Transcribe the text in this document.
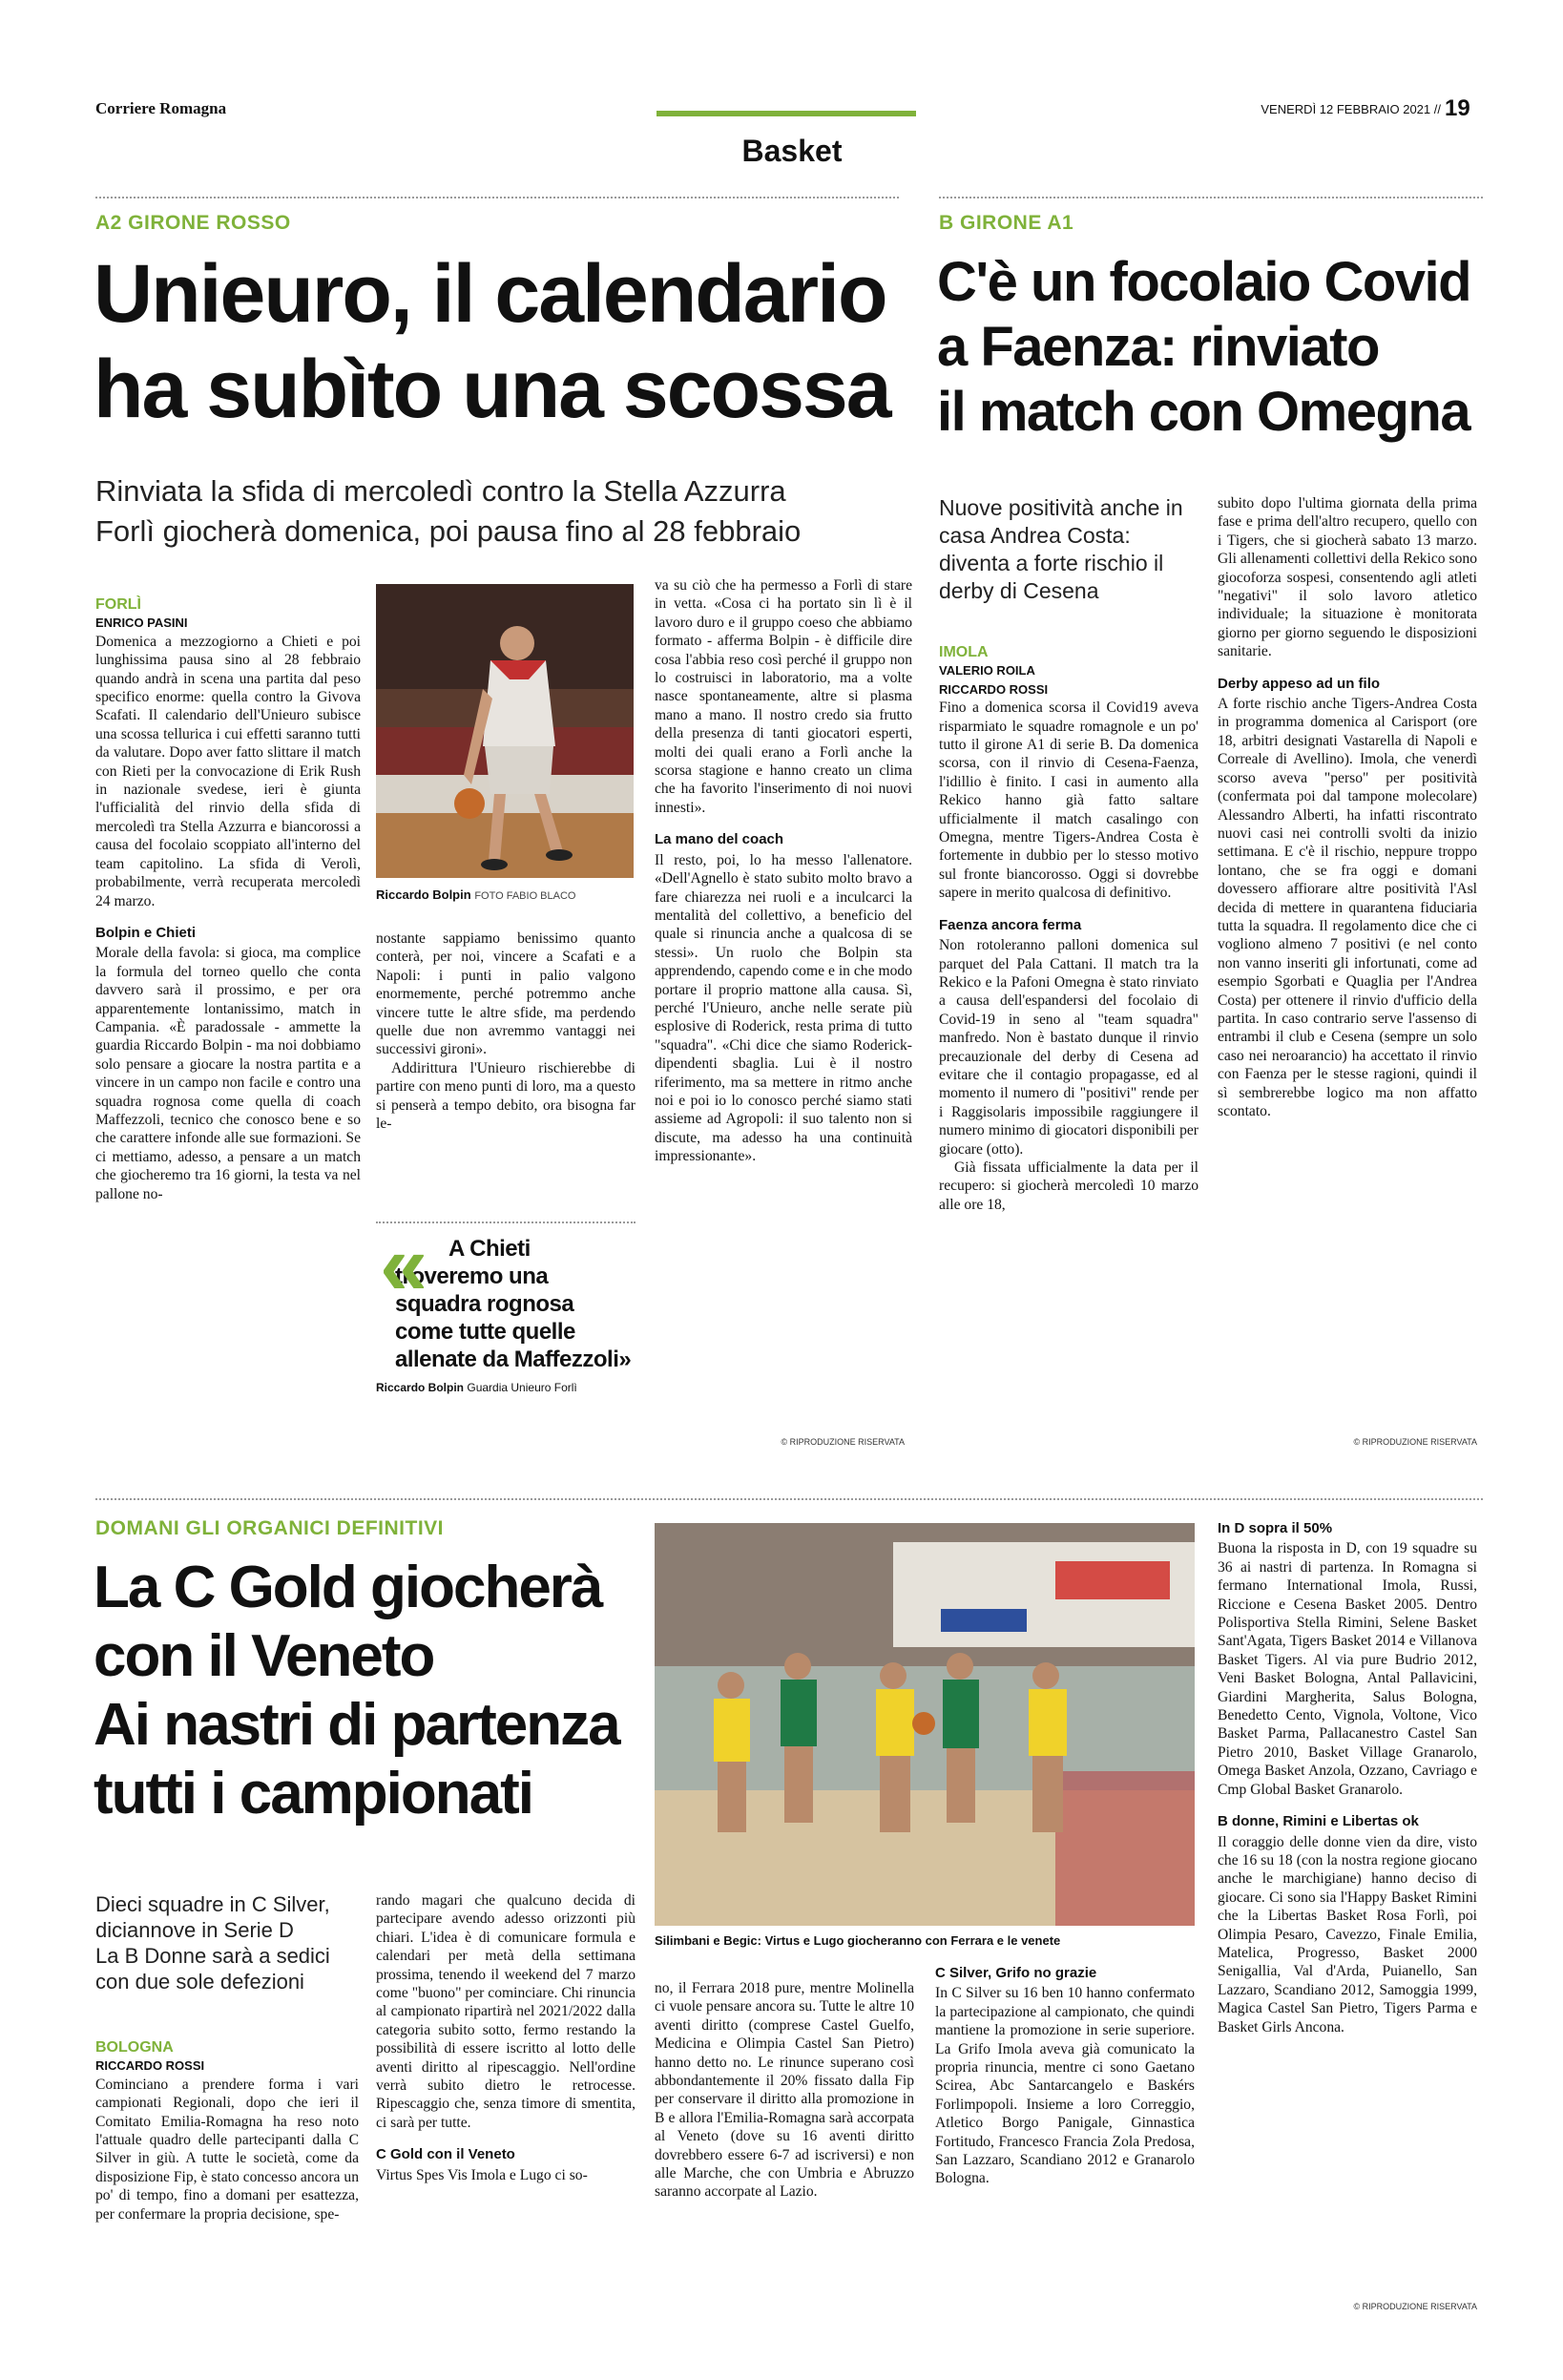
Corriere Romagna	VENERDÌ 12 FEBBRAIO 2021 // 19
Basket
A2 GIRONE ROSSO
Unieuro, il calendario
ha subìto una scossa
Rinviata la sfida di mercoledì contro la Stella Azzurra
Forlì giocherà domenica, poi pausa fino al 28 febbraio
FORLÌ
ENRICO PASINI

Domenica a mezzogiorno a Chieti e poi lunghissima pausa sino al 28 febbraio quando andrà in scena una partita dal peso specifico enorme: quella contro la Givova Scafati. Il calendario dell'Unieuro subisce una scossa tellurica i cui effetti saranno tutti da valutare. Dopo aver fatto slittare il match con Rieti per la convocazione di Erik Rush in nazionale svedese, ieri è giunta l'ufficialità del rinvio della sfida di mercoledì tra Stella Azzurra e biancorossi a causa del focolaio scoppiato all'interno del team capitolino. La sfida di Verolì, probabilmente, verrà recuperata mercoledì 24 marzo.

Bolpin e Chieti

Morale della favola: si gioca, ma complice la formula del torneo quello che conta davvero sarà il prossimo, e per ora apparentemente lontanissimo, match in Campania. «È paradossale - ammette la guardia Riccardo Bolpin - ma noi dobbiamo solo pensare a giocare la nostra partita e a vincere in un campo non facile e contro una squadra rognosa come quella di coach Maffezzoli, tecnico che conosco bene e so che carattere infonde alle sue formazioni. Se ci mettiamo, adesso, a pensare a un match che giocheremo tra 16 giorni, la testa va nel pallone no-

Riccardo Bolpin FOTO FABIO BLACO

nostante sappiamo benissimo quanto conterà, per noi, vincere a Scafati e a Napoli: i punti in palio valgono enormemente, perché potremmo anche vincere tutte le altre sfide, ma perdendo quelle due non avremmo vantaggi nei successivi gironi».

Addirittura l'Unieuro rischierebbe di partire con meno punti di loro, ma a questo si penserà a tempo debito, ora bisogna far le-

« A Chieti troveremo una squadra rognosa come tutte quelle allenate da Maffezzoli»
Riccardo Bolpin Guardia Unieuro Forlì

va su ciò che ha permesso a Forlì di stare in vetta. «Cosa ci ha portato sin lì è il lavoro duro e il gruppo coeso che abbiamo formato - afferma Bolpin - è difficile dire cosa l'abbia reso così perché il gruppo non lo costruisci in laboratorio, ma a volte nasce spontaneamente, altre si plasma mano a mano. Il nostro credo sia frutto della presenza di tanti giocatori esperti, molti dei quali erano a Forlì anche la scorsa stagione e hanno creato un clima che ha favorito l'inserimento di noi nuovi innesti».

La mano del coach

Il resto, poi, lo ha messo l'allenatore. «Dell'Agnello è stato subito molto bravo a fare chiarezza nei ruoli e a inculcarci la mentalità del collettivo, a beneficio del quale si rinuncia anche a qualcosa di se stessi». Un ruolo che Bolpin sta apprendendo, capendo come e in che modo portare il proprio mattone alla causa. Sì, perché l'Unieuro, anche nelle serate più esplosive di Roderick, resta prima di tutto "squadra". «Chi dice che siamo Roderick-dipendenti sbaglia. Lui è il nostro riferimento, ma sa mettere in ritmo anche noi e poi io lo conosco perché siamo stati assieme ad Agropoli: il suo talento non si discute, ma adesso ha una continuità impressionante».

© RIPRODUZIONE RISERVATA
B GIRONE A1
C'è un focolaio Covid
a Faenza: rinviato
il match con Omegna
Nuove positività anche in casa Andrea Costa: diventa a forte rischio il derby di Cesena
IMOLA
VALERIO ROILA
RICCARDO ROSSI

Fino a domenica scorsa il Covid19 aveva risparmiato le squadre romagnole e un po' tutto il girone A1 di serie B. Da domenica scorsa, con il rinvio di Cesena-Faenza, l'idillio è finito. I casi in aumento alla Rekico hanno già fatto saltare ufficialmente il match casalingo con Omegna, mentre Tigers-Andrea Costa è fortemente in dubbio per lo stesso motivo sul fronte biancorosso. Oggi si dovrebbe sapere in merito qualcosa di definitivo.

Faenza ancora ferma

Non rotoleranno palloni domenica sul parquet del Pala Cattani. Il match tra la Rekico e la Pafoni Omegna è stato rinviato a causa dell'espandersi del focolaio di Covid-19 in seno al "team squadra" manfredo. Non è bastato dunque il rinvio precauzionale del derby di Cesena ad evitare che il contagio propagasse, ed al momento il numero di "positivi" rende per i Raggisolaris impossibile raggiungere il numero minimo di giocatori disponibili per giocare (otto).

Già fissata ufficialmente la data per il recupero: si giocherà mercoledì 10 marzo alle ore 18,

subito dopo l'ultima giornata della prima fase e prima dell'altro recupero, quello con i Tigers, che si giocherà sabato 13 marzo. Gli allenamenti collettivi della Rekico sono giocoforza sospesi, consentendo agli atleti "negativi" il solo lavoro atletico individuale; la situazione è monitorata giorno per giorno seguendo le disposizioni sanitarie.

Derby appeso ad un filo

A forte rischio anche Tigers-Andrea Costa in programma domenica al Carisport (ore 18, arbitri designati Vastarella di Napoli e Correale di Avellino). Imola, che venerdì scorso aveva "perso" per positività (confermata poi dal tampone molecolare) Alessandro Alberti, ha infatti riscontrato nuovi casi nei controlli svolti da inizio settimana. E c'è il rischio, neppure troppo lontano, che se fra oggi e domani dovessero affiorare altre positività l'Asl decida di mettere in quarantena fiduciaria tutta la squadra. Il regolamento dice che ci vogliono almeno 7 positivi (e nel conto non vanno inseriti gli infortunati, come ad esempio Sgorbati e Quaglia per l'Andrea Costa) per ottenere il rinvio d'ufficio della partita. In caso contrario serve l'assenso di entrambi il club e Cesena (sempre un solo caso nei neroarancio) ha accettato il rinvio con Faenza per le stesse ragioni, quindi il sì sembrerebbe logico ma non affatto scontato.

© RIPRODUZIONE RISERVATA
DOMANI GLI ORGANICI DEFINITIVI
La C Gold giocherà
con il Veneto
Ai nastri di partenza
tutti i campionati
Dieci squadre in C Silver,
diciannove in Serie D
La B Donne sarà a sedici
con due sole defezioni
BOLOGNA
RICCARDO ROSSI

Cominciano a prendere forma i vari campionati Regionali, dopo che ieri il Comitato Emilia-Romagna ha reso noto l'attuale quadro delle partecipanti dalla C Silver in giù. A tutte le società, come da disposizione Fip, è stato concesso ancora un po' di tempo, fino a domani per esattezza, per confermare la propria decisione, spe-

rando magari che qualcuno decida di partecipare avendo adesso orizzonti più chiari. L'idea è di comunicare formula e calendari per metà della settimana prossima, tenendo il weekend del 7 marzo come "buono" per cominciare. Chi rinuncia al campionato ripartirà nel 2021/2022 dalla categoria subito sotto, fermo restando la possibilità di essere iscritto al lotto delle aventi diritto al ripescaggio. Nell'ordine verrà subito dietro le retrocesse. Ripescaggio che, senza timore di smentita, ci sarà per tutte.

C Gold con il Veneto

Virtus Spes Vis Imola e Lugo ci so-

Silimbani e Begic: Virtus e Lugo giocheranno con Ferrara e le venete

no, il Ferrara 2018 pure, mentre Molinella ci vuole pensare ancora su. Tutte le altre 10 aventi diritto (comprese Castel Guelfo, Medicina e Olimpia Castel San Pietro) hanno detto no. Le rinunce superano così abbondantemente il 20% fissato dalla Fip per conservare il diritto alla promozione in B e allora l'Emilia-Romagna sarà accorpata al Veneto (dove su 16 aventi diritto dovrebbero essere 6-7 ad iscriversi) e non alle Marche, che con Umbria e Abruzzo saranno accorpate al Lazio.

C Silver, Grifo no grazie

In C Silver su 16 ben 10 hanno confermato la partecipazione al campionato, che quindi mantiene la promozione in serie superiore. La Grifo Imola aveva già comunicato la propria rinuncia, mentre ci sono Gaetano Scirea, Abc Santarcangelo e Baskérs Forlimpopoli. Insieme a loro Correggio, Atletico Borgo Panigale, Ginnastica Fortitudo, Francesco Francia Zola Predosa, San Lazzaro, Scandiano 2012 e Granarolo Bologna.

In D sopra il 50%

Buona la risposta in D, con 19 squadre su 36 ai nastri di partenza. In Romagna si fermano International Imola, Russi, Riccione e Cesena Basket 2005. Dentro Polisportiva Stella Rimini, Selene Basket Sant'Agata, Tigers Basket 2014 e Villanova Basket Tigers. Al via pure Budrio 2012, Veni Basket Bologna, Antal Pallavicini, Giardini Margherita, Salus Bologna, Benedetto Cento, Vignola, Voltone, Vico Basket Parma, Pallacanestro Castel San Pietro 2010, Basket Village Granarolo, Omega Basket Anzola, Ozzano, Cavriago e Cmp Global Basket Granarolo.

B donne, Rimini e Libertas ok

Il coraggio delle donne vien da dire, visto che 16 su 18 (con la nostra regione giocano anche le marchigiane) hanno deciso di giocare. Ci sono sia l'Happy Basket Rimini che la Libertas Basket Rosa Forlì, poi Olimpia Pesaro, Cavezzo, Finale Emilia, Matelica, Progresso, Basket 2000 Senigallia, Val d'Arda, Puianello, San Lazzaro, Scandiano 2012, Samoggia 1999, Magica Castel San Pietro, Tigers Parma e Basket Girls Ancona.

© RIPRODUZIONE RISERVATA
